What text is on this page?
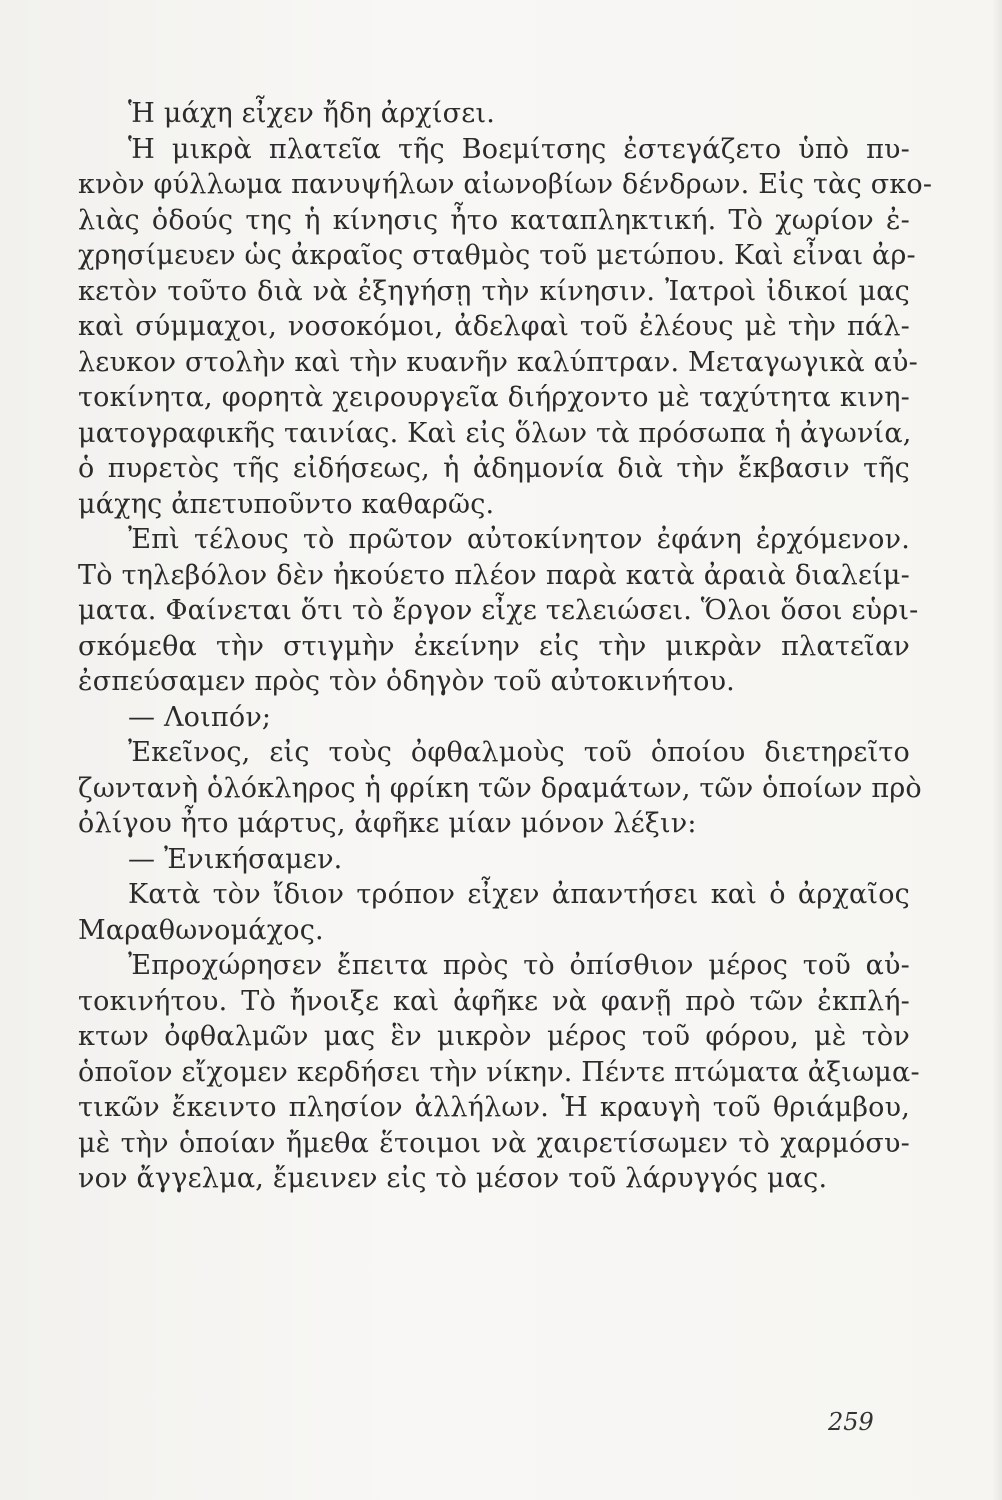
Ἡ μάχη εἶχεν ἤδη ἀρχίσει.
Ἡ μικρὰ πλατεῖα τῆς Βοεμίτσης ἐστεγάζετο ὑπὸ πυ-
κνὸν φύλλωμα πανυψήλων αἰωνοβίων δένδρων. Εἰς τὰς σκο-
λιὰς ὁδούς της ἡ κίνησις ἦτο καταπληκτική. Τὸ χωρίον ἐ-
χρησίμευεν ὡς ἀκραῖος σταθμὸς τοῦ μετώπου. Καὶ εἶναι ἀρ-
κετὸν τοῦτο διὰ νὰ ἐξηγήσῃ τὴν κίνησιν. Ἰατροὶ ἰδικοί μας
καὶ σύμμαχοι, νοσοκόμοι, ἀδελφαὶ τοῦ ἐλέους μὲ τὴν πάλ-
λευκον στολὴν καὶ τὴν κυανῆν καλύπτραν. Μεταγωγικὰ αὐ-
τοκίνητα, φορητὰ χειρουργεῖα διήρχοντο μὲ ταχύτητα κινη-
ματογραφικῆς ταινίας. Καὶ εἰς ὅλων τὰ πρόσωπα ἡ ἀγωνία,
ὁ πυρετὸς τῆς εἰδήσεως, ἡ ἀδημονία διὰ τὴν ἔκβασιν τῆς
μάχης ἀπετυποῦντο καθαρῶς.
Ἐπὶ τέλους τὸ πρῶτον αὐτοκίνητον ἐφάνη ἐρχόμενον.
Τὸ τηλεβόλον δὲν ἠκούετο πλέον παρὰ κατὰ ἀραιὰ διαλείμ-
ματα. Φαίνεται ὅτι τὸ ἔργον εἶχε τελειώσει. Ὅλοι ὅσοι εὑρι-
σκόμεθα τὴν στιγμὴν ἐκείνην εἰς τὴν μικρὰν πλατεῖαν
ἐσπεύσαμεν πρὸς τὸν ὁδηγὸν τοῦ αὐτοκινήτου.
— Λοιπόν;
Ἐκεῖνος, εἰς τοὺς ὀφθαλμοὺς τοῦ ὁποίου διετηρεῖτο
ζωντανὴ ὁλόκληρος ἡ φρίκη τῶν δραμάτων, τῶν ὁποίων πρὸ
ὀλίγου ἦτο μάρτυς, ἀφῆκε μίαν μόνον λέξιν:
— Ἐνικήσαμεν.
Κατὰ τὸν ἴδιον τρόπον εἶχεν ἀπαντήσει καὶ ὁ ἀρχαῖος
Μαραθωνομάχος.
Ἐπροχώρησεν ἔπειτα πρὸς τὸ ὀπίσθιον μέρος τοῦ αὐ-
τοκινήτου. Τὸ ἤνοιξε καὶ ἀφῆκε νὰ φανῇ πρὸ τῶν ἐκπλή-
κτων ὀφθαλμῶν μας ἓν μικρὸν μέρος τοῦ φόρου, μὲ τὸν
ὁποῖον εἴχομεν κερδήσει τὴν νίκην. Πέντε πτώματα ἀξιωμα-
τικῶν ἔκειντο πλησίον ἀλλήλων. Ἡ κραυγὴ τοῦ θριάμβου,
μὲ τὴν ὁποίαν ἤμεθα ἕτοιμοι νὰ χαιρετίσωμεν τὸ χαρμόσυ-
νον ἄγγελμα, ἔμεινεν εἰς τὸ μέσον τοῦ λάρυγγός μας.
259
